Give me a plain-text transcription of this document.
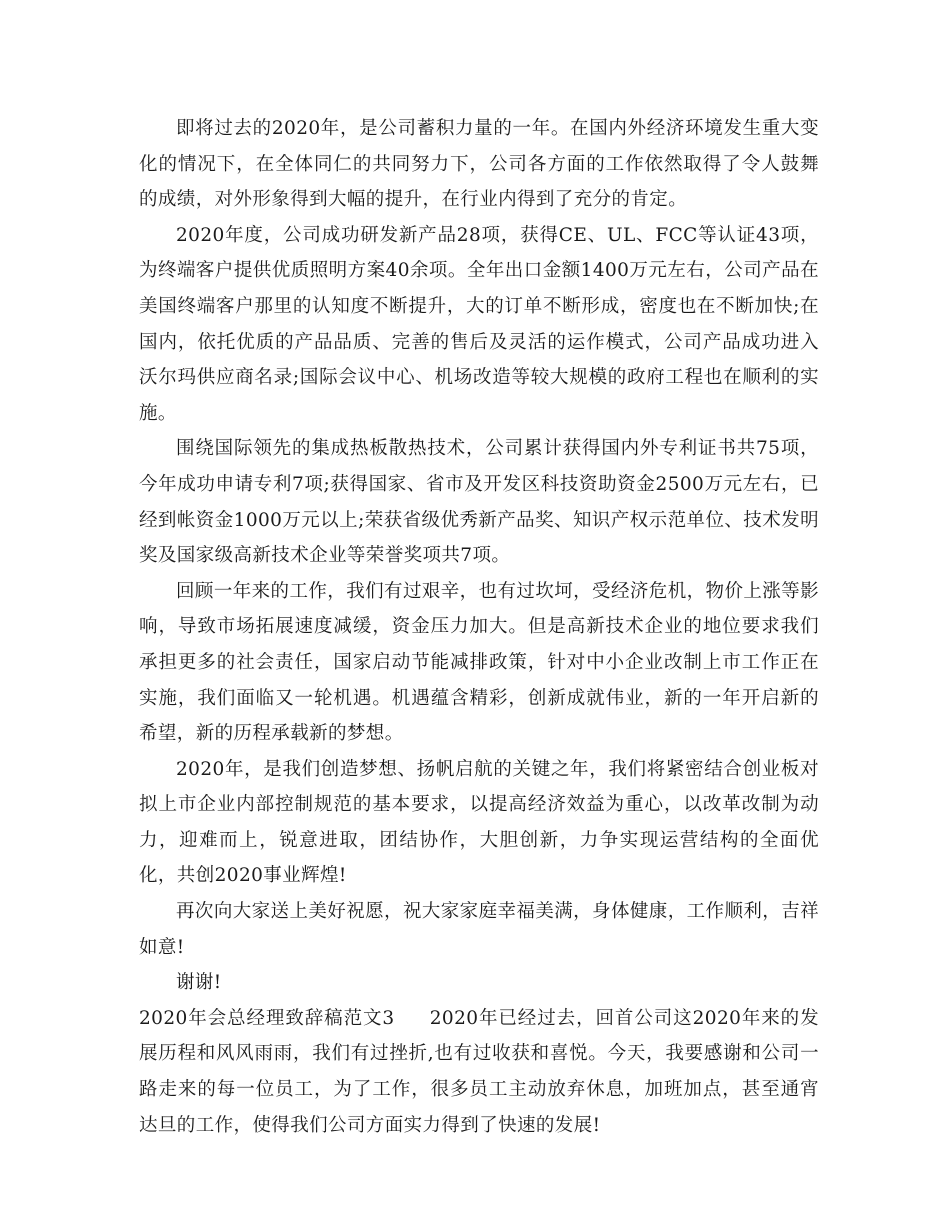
即将过去的2020年，是公司蓄积力量的一年。在国内外经济环境发生重大变化的情况下，在全体同仁的共同努力下，公司各方面的工作依然取得了令人鼓舞的成绩，对外形象得到大幅的提升，在行业内得到了充分的肯定。

2020年度，公司成功研发新产品28项，获得CE、UL、FCC等认证43项，为终端客户提供优质照明方案40余项。全年出口金额1400万元左右，公司产品在美国终端客户那里的认知度不断提升，大的订单不断形成，密度也在不断加快;在国内，依托优质的产品品质、完善的售后及灵活的运作模式，公司产品成功进入沃尔玛供应商名录;国际会议中心、机场改造等较大规模的政府工程也在顺利的实施。

围绕国际领先的集成热板散热技术，公司累计获得国内外专利证书共75项，今年成功申请专利7项;获得国家、省市及开发区科技资助资金2500万元左右，已经到帐资金1000万元以上;荣获省级优秀新产品奖、知识产权示范单位、技术发明奖及国家级高新技术企业等荣誉奖项共7项。

回顾一年来的工作，我们有过艰辛，也有过坎坷，受经济危机，物价上涨等影响，导致市场拓展速度减缓，资金压力加大。但是高新技术企业的地位要求我们承担更多的社会责任，国家启动节能减排政策，针对中小企业改制上市工作正在实施，我们面临又一轮机遇。机遇蕴含精彩，创新成就伟业，新的一年开启新的希望，新的历程承载新的梦想。

2020年，是我们创造梦想、扬帆启航的关键之年，我们将紧密结合创业板对拟上市企业内部控制规范的基本要求，以提高经济效益为重心，以改革改制为动力，迎难而上，锐意进取，团结协作，大胆创新，力争实现运营结构的全面优化，共创2020事业辉煌!

再次向大家送上美好祝愿，祝大家家庭幸福美满，身体健康，工作顺利，吉祥如意!

谢谢!

2020年会总经理致辞稿范文3 2020年已经过去，回首公司这2020年来的发展历程和风风雨雨，我们有过挫折,也有过收获和喜悦。今天，我要感谢和公司一路走来的每一位员工，为了工作，很多员工主动放弃休息，加班加点，甚至通宵达旦的工作，使得我们公司方面实力得到了快速的发展!
